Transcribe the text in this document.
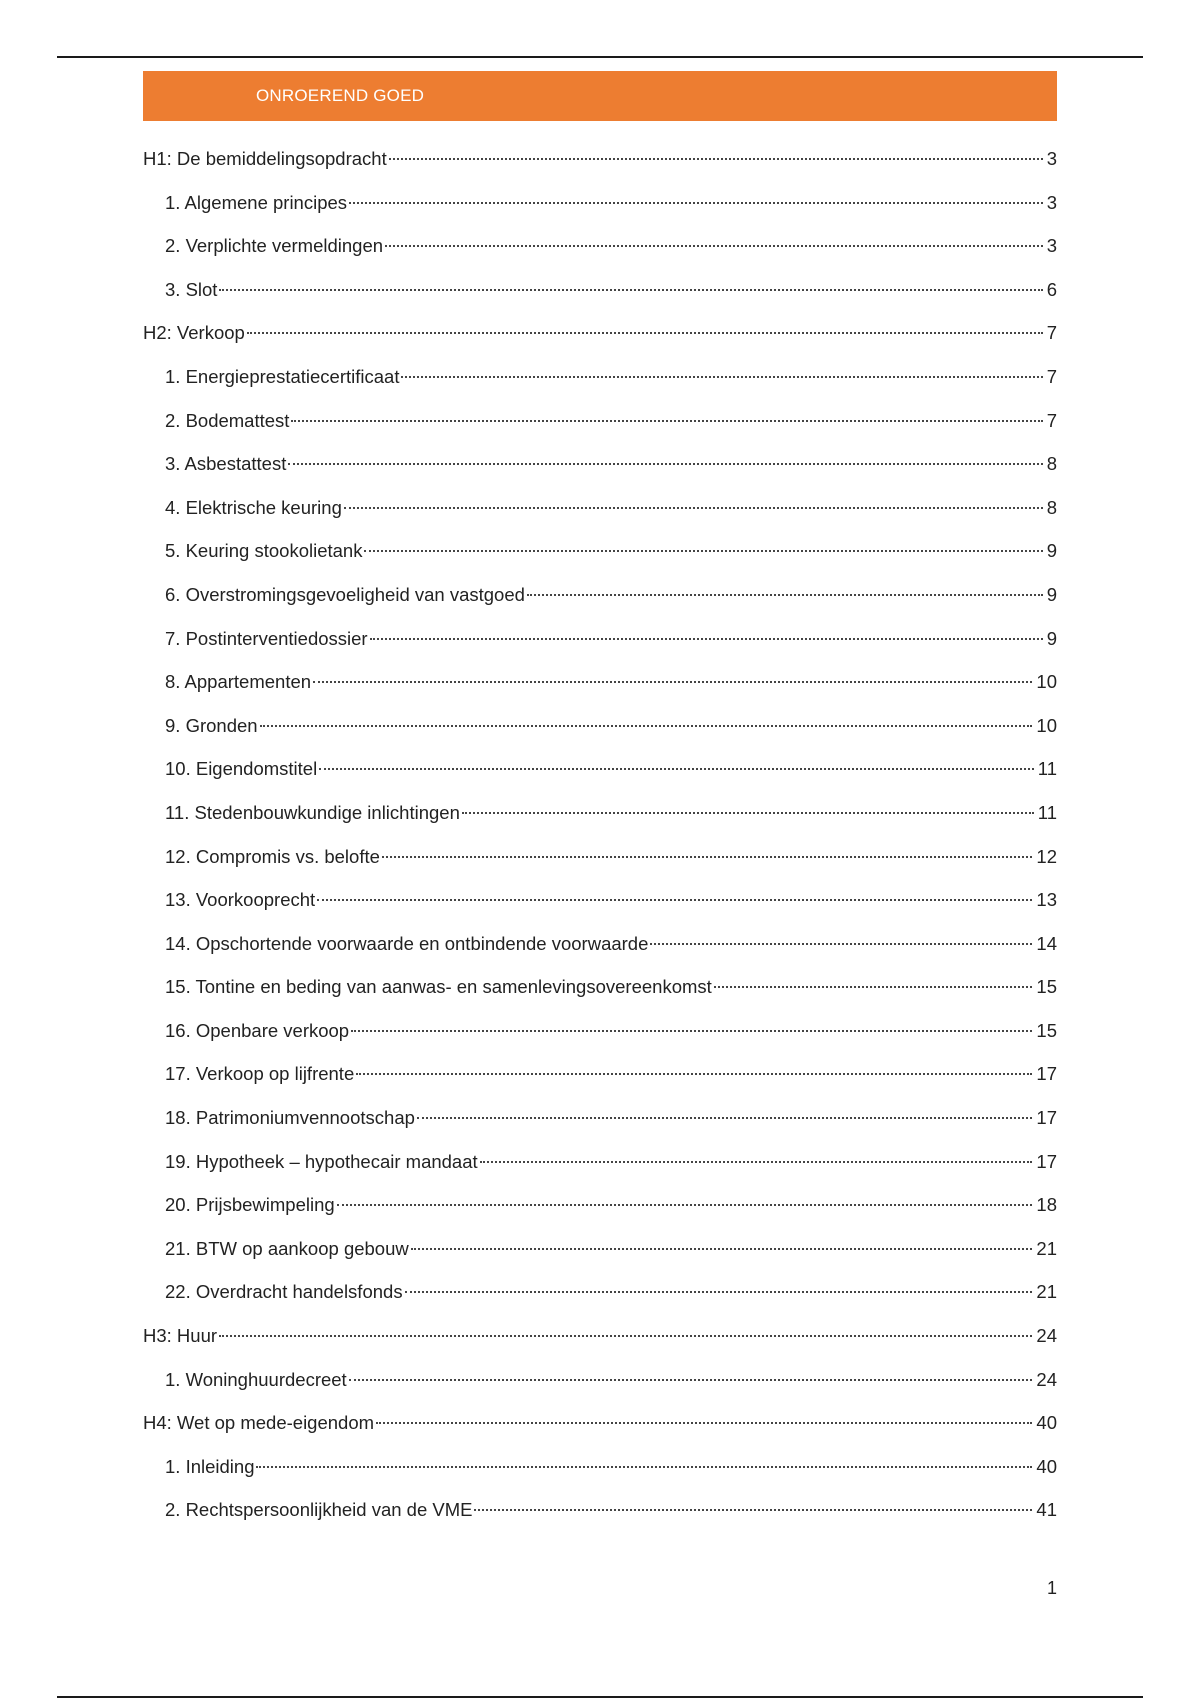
ONROEREND GOED
H1: De bemiddelingsopdracht	3
1. Algemene principes	3
2. Verplichte vermeldingen	3
3. Slot	6
H2: Verkoop	7
1. Energieprestatiecertificaat	7
2. Bodemattest	7
3. Asbestattest	8
4. Elektrische keuring	8
5. Keuring stookolietank	9
6. Overstromingsgevoeligheid van vastgoed	9
7. Postinterventiedossier	9
8. Appartementen	10
9. Gronden	10
10. Eigendomstitel	11
11. Stedenbouwkundige inlichtingen	11
12. Compromis vs. belofte	12
13. Voorkooprecht	13
14. Opschortende voorwaarde en ontbindende voorwaarde	14
15. Tontine en beding van aanwas- en samenlevingsovereenkomst	15
16. Openbare verkoop	15
17. Verkoop op lijfrente	17
18. Patrimoniumvennootschap	17
19. Hypotheek – hypothecair mandaat	17
20. Prijsbewimpeling	18
21. BTW op aankoop gebouw	21
22. Overdracht handelsfonds	21
H3: Huur	24
1. Woninghuurdecreet	24
H4: Wet op mede-eigendom	40
1. Inleiding	40
2. Rechtspersoonlijkheid van de VME	41
1
